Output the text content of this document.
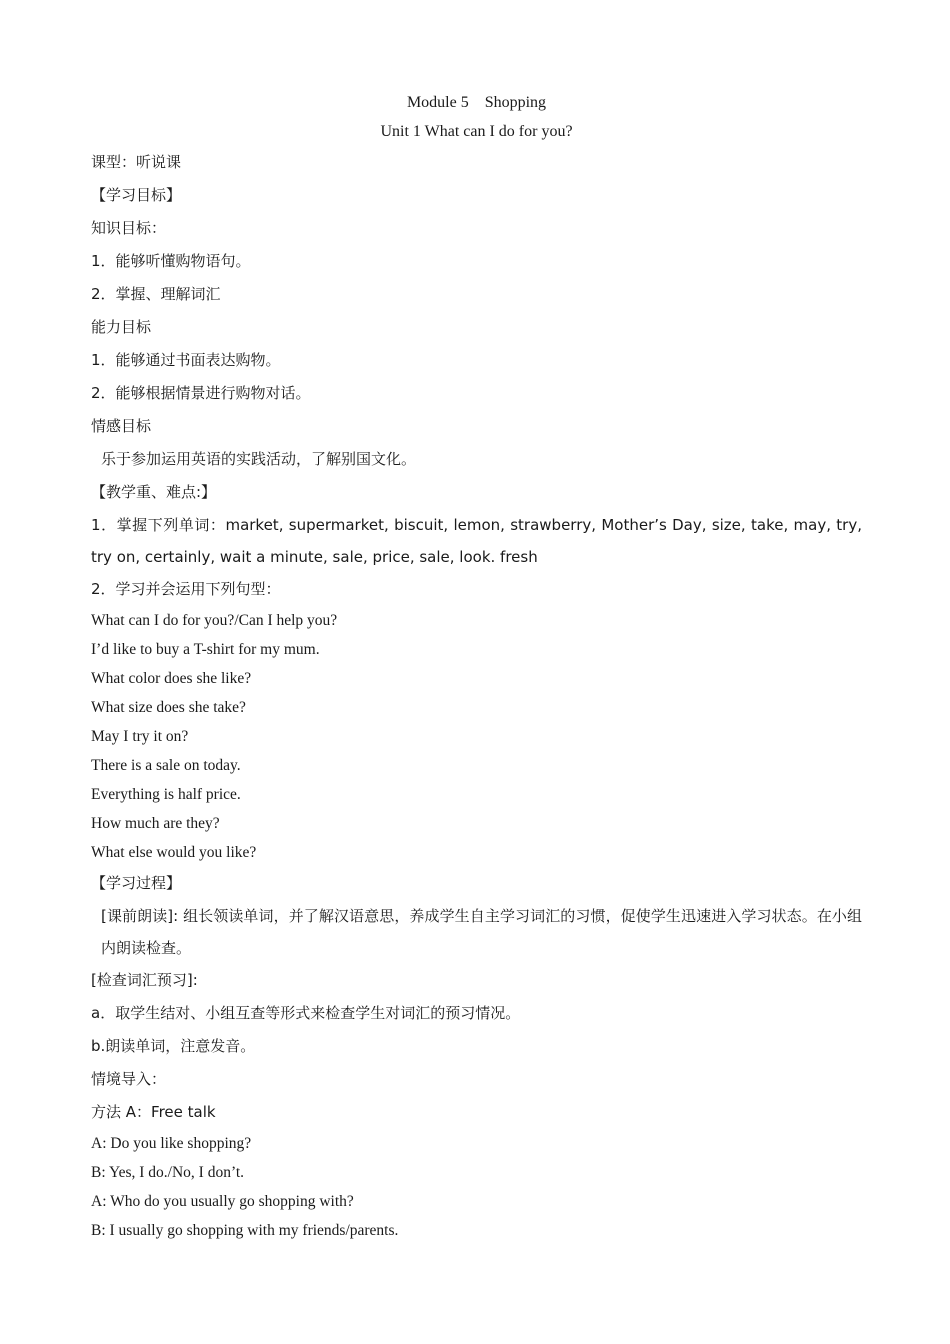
Module 5　Shopping
Unit 1 What can I do for you?
课型：听说课
【学习目标】
知识目标：
1．能够听懂购物语句。
2．掌握、理解词汇
能力目标
1．能够通过书面表达购物。
2．能够根据情景进行购物对话。
情感目标
乐于参加运用英语的实践活动，了解别国文化。
【教学重、难点:】
1．掌握下列单词：market, supermarket, biscuit, lemon, strawberry, Mother’s Day, size, take, may, try, try on, certainly, wait a minute, sale, price, sale, look. fresh
2．学习并会运用下列句型：
What can I do for you?/Can I help you?
I’d like to buy a T-shirt for my mum.
What color does she like?
What size does she take?
May I try it on?
There is a sale on today.
Everything is half price.
How much are they?
What else would you like?
【学习过程】
[课前朗读]: 组长领读单词，并了解汉语意思，养成学生自主学习词汇的习惯，促使学生迅速进入学习状态。在小组内朗读检查。
[检查词汇预习]:
a．取学生结对、小组互查等形式来检查学生对词汇的预习情况。
b.朗读单词，注意发音。
情境导入：
方法 A：Free talk
A: Do you like shopping?
B: Yes, I do./No, I don’t.
A: Who do you usually go shopping with?
B: I usually go shopping with my friends/parents.
